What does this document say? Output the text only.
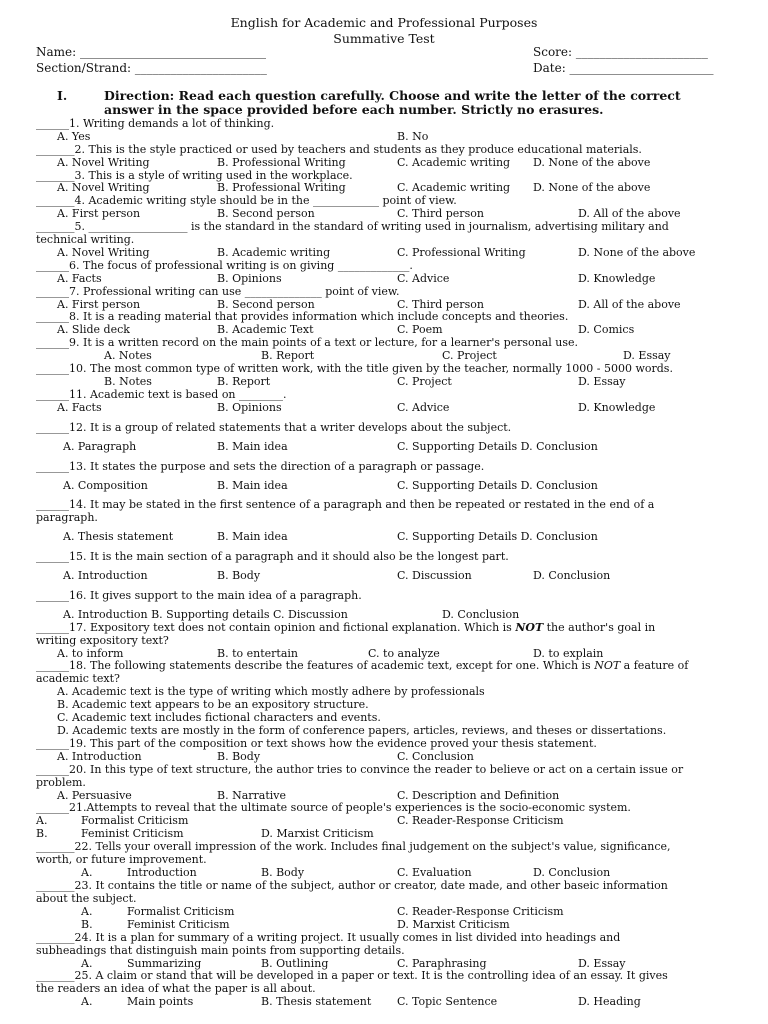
English for Academic and Professional Purposes
Summative Test
Name: _______________________________
Section/Strand: ______________________
Score: ______________________
Date: ________________________
I.	Direction: Read each question carefully. Choose and write the letter of the correct
answer in the space provided before each number. Strictly no erasures.
______1. Writing demands a lot of thinking.
A. Yes	B. No
_______2. This is the style practiced or used by teachers and students as they produce educational materials.
A. Novel Writing	B. Professional Writing	C. Academic writing D. None of the above
_______3. This is a style of writing used in the workplace.
A. Novel Writing	B. Professional Writing	C. Academic writing D. None of the above
_______4. Academic writing style should be in the ____________ point of view.
A. First person	B. Second person	C. Third person	D. All of the above
_______5. __________________ is the standard in the standard of writing used in journalism, advertising military and
technical writing.
A. Novel Writing	B. Academic writing	C. Professional Writing	D. None of the above
______6. The focus of professional writing is on giving _____________.
A. Facts	B. Opinions	C. Advice	D. Knowledge
______7. Professional writing can use ______________ point of view.
A. First person	B. Second person	C. Third person	D. All of the above
______8. It is a reading material that provides information which include concepts and theories.
A. Slide deck	B. Academic Text	C. Poem	D. Comics
______9. It is a written record on the main points of a text or lecture, for a learner's personal use.
A. Notes	B. Report	C. Project	D. Essay
______10. The most common type of written work, with the title given by the teacher, normally 1000 - 5000 words.
B. Notes	B. Report	C. Project	D. Essay
______11. Academic text is based on ________.
A. Facts	B. Opinions	C. Advice	D. Knowledge
______12. It is a group of related statements that a writer develops about the subject.
A. Paragraph	B. Main idea	C. Supporting Details D. Conclusion
______13. It states the purpose and sets the direction of a paragraph or passage.
A. Composition	B. Main idea	C. Supporting Details D. Conclusion
______14. It may be stated in the first sentence of a paragraph and then be repeated or restated in the end of a
paragraph.
A. Thesis statement	B. Main idea	C. Supporting Details D. Conclusion
______15. It is the main section of a paragraph and it should also be the longest part.
A. Introduction	B. Body	C. Discussion	D. Conclusion
______16. It gives support to the main idea of a paragraph.
A. Introduction B. Supporting details C. Discussion	D. Conclusion
______17. Expository text does not contain opinion and fictional explanation. Which is NOT the author's goal in
writing expository text?
A. to inform	B. to entertain	C. to analyze	D. to explain
______18. The following statements describe the features of academic text, except for one. Which is NOT a feature of
academic text?
A. Academic text is the type of writing which mostly adhere by professionals
B. Academic text appears to be an expository structure.
C. Academic text includes fictional characters and events.
D. Academic texts are mostly in the form of conference papers, articles, reviews, and theses or dissertations.
______19. This part of the composition or text shows how the evidence proved your thesis statement.
A. Introduction	B. Body	C. Conclusion
______20. In this type of text structure, the author tries to convince the reader to believe or act on a certain issue or
problem.
A. Persuasive	B. Narrative	C. Description and Definition
______21.Attempts to reveal that the ultimate source of people's experiences is the socio-economic system.
A.	Formalist Criticism	C. Reader-Response Criticism
B.	Feminist Criticism	D. Marxist Criticism
_______22. Tells your overall impression of the work. Includes final judgement on the subject's value, significance,
worth, or future improvement.
A.	Introduction	B. Body	C. Evaluation	D. Conclusion
_______23. It contains the title or name of the subject, author or creator, date made, and other baseic information
about the subject.
A.	Formalist Criticism	C. Reader-Response Criticism
B.	Feminist Criticism	D. Marxist Criticism
_______24. It is a plan for summary of a writing project. It usually comes in list divided into headings and
subheadings that distinguish main points from supporting details.
A.	Summarizing	B. Outlining	C. Paraphrasing	D. Essay
_______25. A claim or stand that will be developed in a paper or text. It is the controlling idea of an essay. It gives
the readers an idea of what the paper is all about.
A.	Main points	B. Thesis statement C. Topic Sentence	D. Heading
